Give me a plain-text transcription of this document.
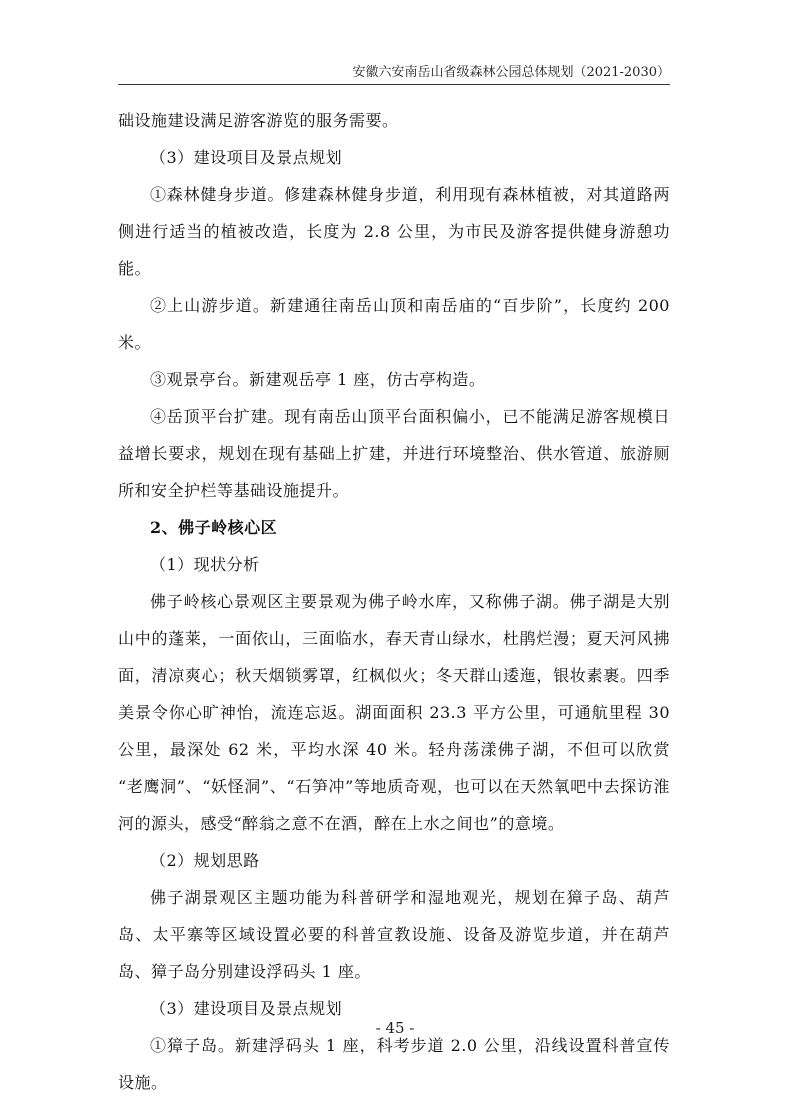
安徽六安南岳山省级森林公园总体规划（2021-2030）

础设施建设满足游客游览的服务需要。

（3）建设项目及景点规划

①森林健身步道。修建森林健身步道，利用现有森林植被，对其道路两侧进行适当的植被改造，长度为 2.8 公里，为市民及游客提供健身游憩功能。

②上山游步道。新建通往南岳山顶和南岳庙的“百步阶”，长度约 200 米。

③观景亭台。新建观岳亭 1 座，仿古亭构造。

④岳顶平台扩建。现有南岳山顶平台面积偏小，已不能满足游客规模日益增长要求，规划在现有基础上扩建，并进行环境整治、供水管道、旅游厕所和安全护栏等基础设施提升。

2、佛子岭核心区

（1）现状分析

佛子岭核心景观区主要景观为佛子岭水库，又称佛子湖。佛子湖是大别山中的蓬莱，一面依山，三面临水，春天青山绿水，杜鹃烂漫；夏天河风拂面，清凉爽心；秋天烟锁雾罩，红枫似火；冬天群山逶迤，银妆素裹。四季美景令你心旷神怡，流连忘返。湖面面积 23.3 平方公里，可通航里程 30 公里，最深处 62 米，平均水深 40 米。轻舟荡漾佛子湖，不但可以欣赏 “老鹰洞”、“妖怪洞”、“石笋冲”等地质奇观，也可以在天然氧吧中去探访淮河的源头，感受“醉翁之意不在酒，醉在上水之间也”的意境。

（2）规划思路

佛子湖景观区主题功能为科普研学和湿地观光，规划在獐子岛、葫芦岛、太平寨等区域设置必要的科普宣教设施、设备及游览步道，并在葫芦岛、獐子岛分别建设浮码头 1 座。

（3）建设项目及景点规划

①獐子岛。新建浮码头 1 座，科考步道 2.0 公里，沿线设置科普宣传设施。

- 45 -
